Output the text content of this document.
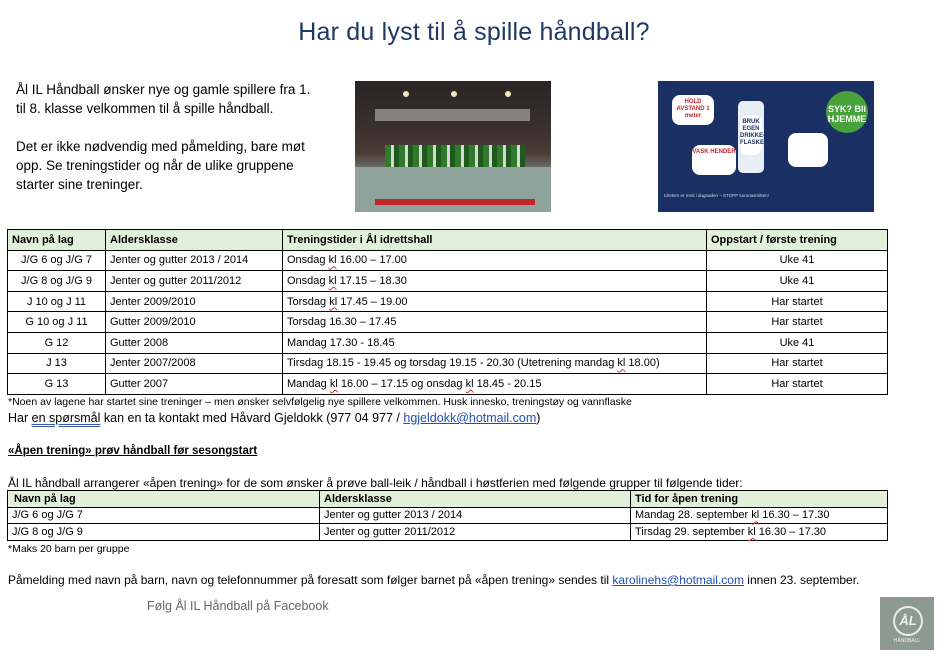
Har du lyst til å spille håndball?

Ål IL Håndball ønsker nye og gamle spillere fra 1. til 8. klasse velkommen til å spille håndball.

Det er ikke nødvendig med påmelding, bare møt opp. Se treningstider og når de ulike gruppene starter sine treninger.

HOLD AVSTAND 1 meter
VASK HENDER
BRUK EGEN DRIKKE-FLASKE
SYK? Bli HJEMME
Idretten er med i dugnaden – STOPP koronasmitten!
Navn på lag	Aldersklasse	Treningstider i Ål idrettshall	Oppstart / første trening
J/G 6 og J/G 7	Jenter og gutter 2013 / 2014	Onsdag kl 16.00 – 17.00	Uke 41
J/G 8 og J/G 9	Jenter og gutter 2011/2012	Onsdag kl 17.15 – 18.30	Uke 41
J 10 og J 11	Jenter 2009/2010	Torsdag kl 17.45 – 19.00	Har startet
G 10 og J 11	Gutter 2009/2010	Torsdag 16.30 – 17.45	Har startet
G 12	Gutter 2008	Mandag 17.30 - 18.45	Uke 41
J 13	Jenter 2007/2008	Tirsdag 18.15 - 19.45 og torsdag 19.15 - 20.30 (Utetrening mandag kl 18.00)	Har startet
G 13	Gutter 2007	Mandag kl 16.00 – 17.15 og onsdag kl 18.45 - 20.15	Har startet
*Noen av lagene har startet sine treninger – men ønsker selvfølgelig nye spillere velkommen. Husk innesko, treningstøy og vannflaske
Har en spørsmål kan en ta kontakt med Håvard Gjeldokk (977 04 977 / hgjeldokk@hotmail.com)
«Åpen trening» prøv håndball før sesongstart
Ål IL håndball arrangerer «åpen trening» for de som ønsker å prøve ball-leik / håndball i høstferien med følgende grupper til følgende tider:
Navn på lag	Aldersklasse	Tid for åpen trening
J/G 6 og J/G 7	Jenter og gutter 2013 / 2014	Mandag 28. september kl 16.30 – 17.30
J/G 8 og J/G 9	Jenter og gutter 2011/2012	Tirsdag 29. september kl 16.30 – 17.30
*Maks 20 barn per gruppe
Påmelding med navn på barn, navn og telefonnummer på foresatt som følger barnet på «åpen trening» sendes til karolinehs@hotmail.com innen 23. september.
Følg Ål IL Håndball på Facebook
ÅL
HÅNDBALL
